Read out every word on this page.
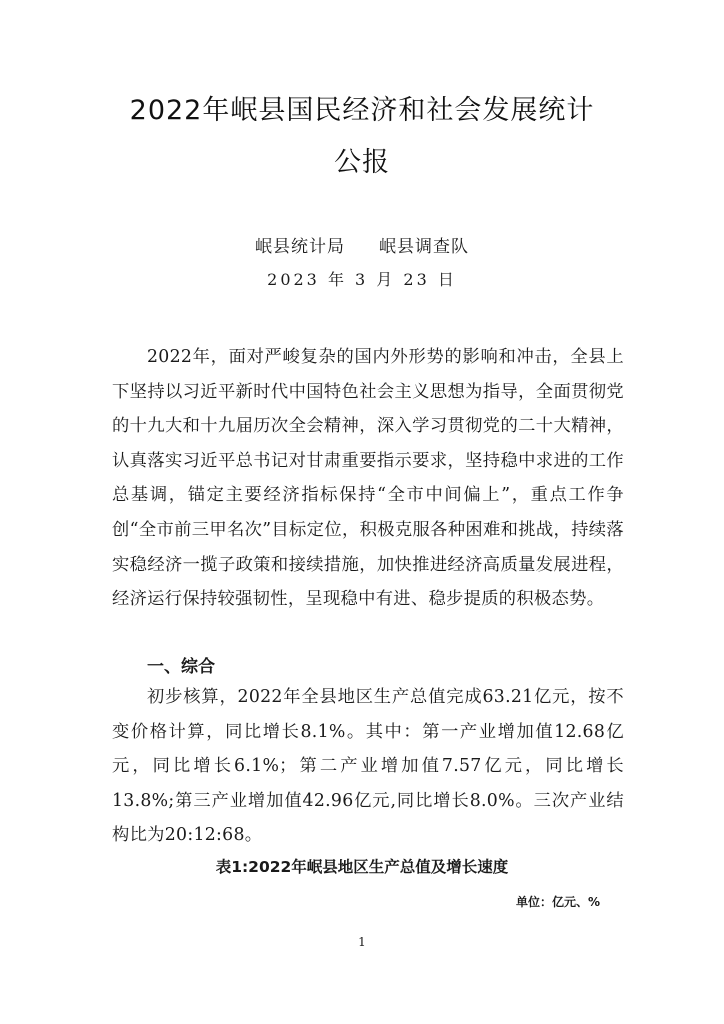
2022年岷县国民经济和社会发展统计
公报
岷县统计局 岷县调查队
2023 年 3 月 23 日

2022年，面对严峻复杂的国内外形势的影响和冲击，全县上下坚持以习近平新时代中国特色社会主义思想为指导，全面贯彻党的十九大和十九届历次全会精神，深入学习贯彻党的二十大精神，认真落实习近平总书记对甘肃重要指示要求，坚持稳中求进的工作总基调，锚定主要经济指标保持“全市中间偏上”，重点工作争创“全市前三甲名次”目标定位，积极克服各种困难和挑战，持续落实稳经济一揽子政策和接续措施，加快推进经济高质量发展进程，经济运行保持较强韧性，呈现稳中有进、稳步提质的积极态势。

一、综合

初步核算，2022年全县地区生产总值完成63.21亿元，按不变价格计算，同比增长8.1%。其中：第一产业增加值12.68亿元，同比增长6.1%；第二产业增加值7.57亿元，同比增长13.8%;第三产业增加值42.96亿元,同比增长8.0%。三次产业结构比为20:12:68。

表1:2022年岷县地区生产总值及增长速度
单位：亿元、%
1
